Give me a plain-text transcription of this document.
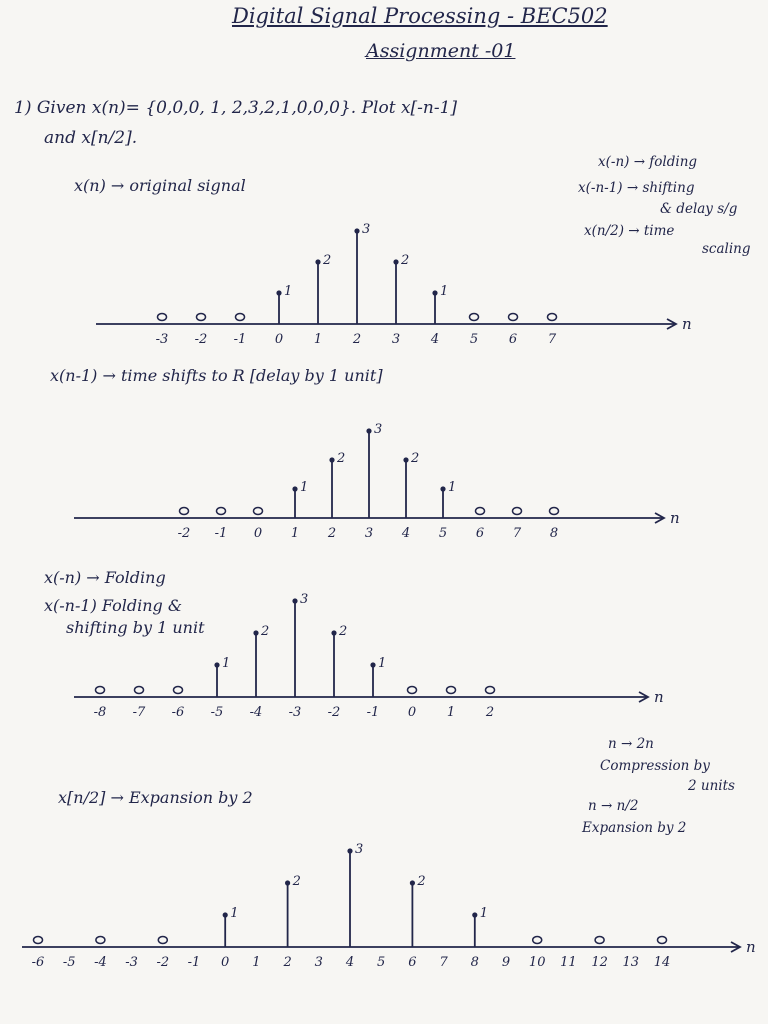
Digital Signal Processing - BEC502
Assignment -01
1) Given x(n)= {0,0,0, 1, 2,3,2,1,0,0,0}. Plot x[-n-1]
and x[n/2].
x(-n) → folding
x(-n-1) → shifting
& delay s/g
x(n/2) → time
scaling
x(n) → original signal
x(n-1) → time shifts to R [delay by 1 unit]
x(-n) → Folding
x(-n-1) Folding &
shifting by 1 unit
x[n/2] → Expansion by 2
n → 2n
Compression by
2 units
n → n/2
Expansion by 2
n
-3 -2 -1 0
1
1
2
2
3
3
2
4
1
5 6 7
n
-2 -1 0 1
1
2
2
3
3
4
2
5
1
6 7 8
n
-8 -7 -6 -5
1
-4
2
-3
3
-2
2
-1
1
0 1 2
n
-6 -5 -4 -3 -2 -1 0
1
1 2
2
3 4
3
5 6
2
7 8
1
9 10 11 12 13 14
